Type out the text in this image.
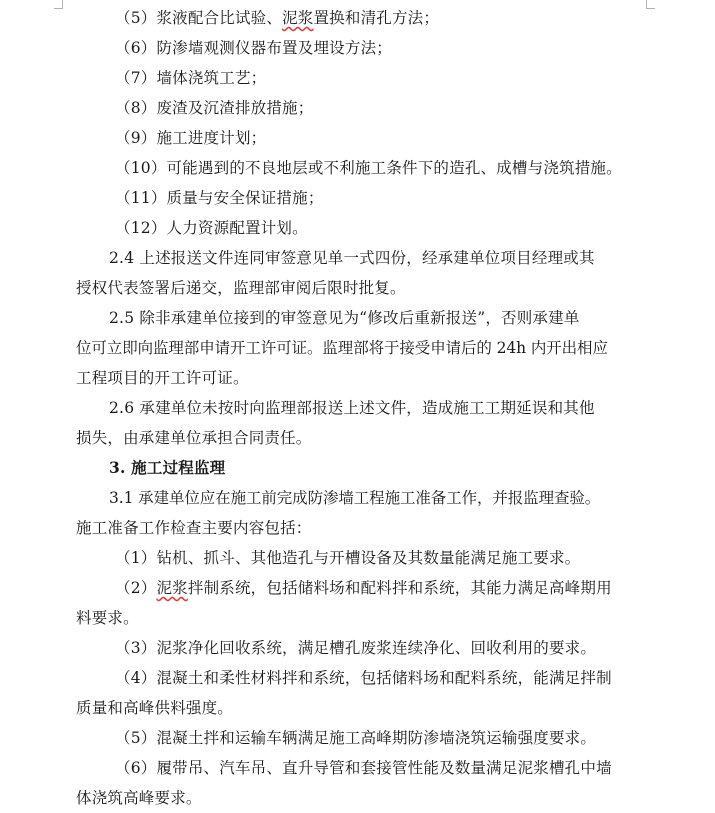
（5）浆液配合比试验、泥浆置换和清孔方法；
（6）防渗墙观测仪器布置及埋设方法；
（7）墙体浇筑工艺；
（8）废渣及沉渣排放措施；
（9）施工进度计划；
（10）可能遇到的不良地层或不利施工条件下的造孔、成槽与浇筑措施。
（11）质量与安全保证措施；
（12）人力资源配置计划。
2.4 上述报送文件连同审签意见单一式四份，经承建单位项目经理或其
授权代表签署后递交，监理部审阅后限时批复。
2.5 除非承建单位接到的审签意见为“修改后重新报送”，否则承建单
位可立即向监理部申请开工许可证。监理部将于接受申请后的 24h 内开出相应
工程项目的开工许可证。
2.6 承建单位未按时向监理部报送上述文件，造成施工工期延误和其他
损失，由承建单位承担合同责任。
3. 施工过程监理
3.1 承建单位应在施工前完成防渗墙工程施工准备工作，并报监理查验。
施工准备工作检查主要内容包括：
（1）钻机、抓斗、其他造孔与开槽设备及其数量能满足施工要求。
（2）泥浆拌制系统，包括储料场和配料拌和系统，其能力满足高峰期用
料要求。
（3）泥浆净化回收系统，满足槽孔废浆连续净化、回收利用的要求。
（4）混凝土和柔性材料拌和系统，包括储料场和配料系统，能满足拌制
质量和高峰供料强度。
（5）混凝土拌和运输车辆满足施工高峰期防渗墙浇筑运输强度要求。
（6）履带吊、汽车吊、直升导管和套接管性能及数量满足泥浆槽孔中墙
体浇筑高峰要求。
